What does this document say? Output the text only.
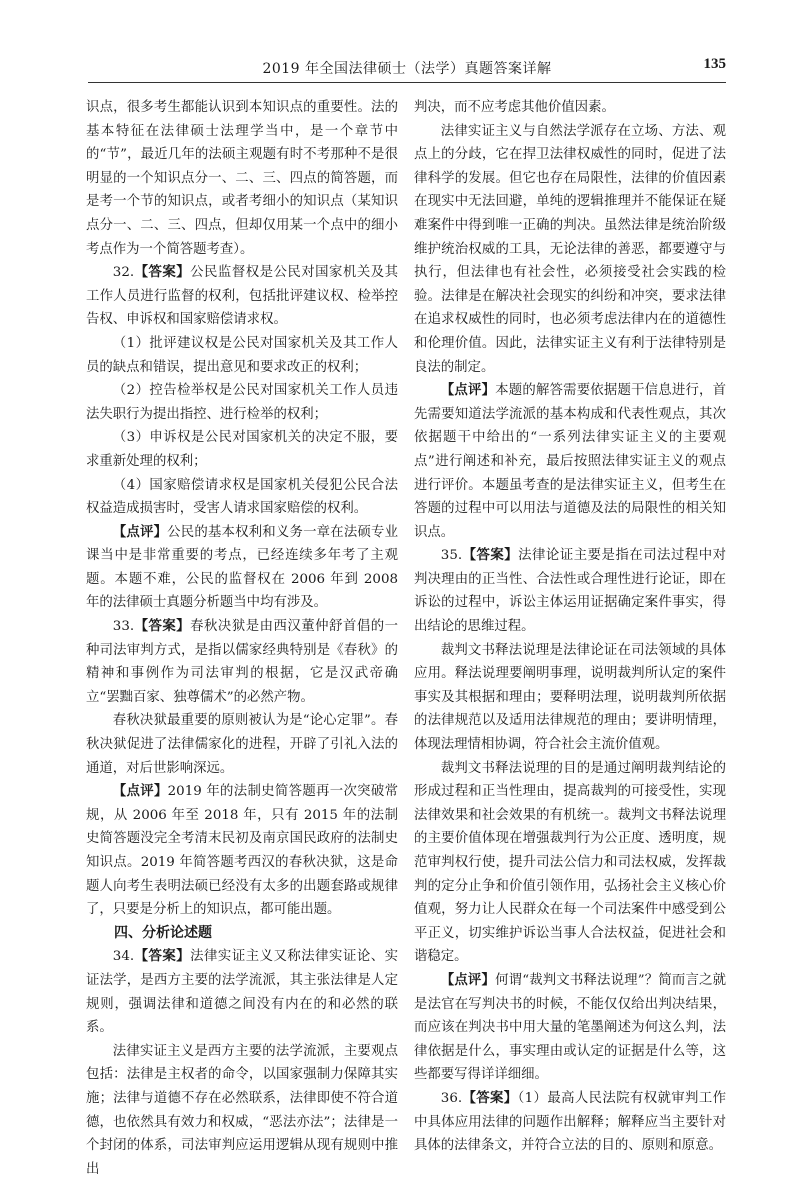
2019 年全国法律硕士（法学）真题答案详解	135

识点，很多考生都能认识到本知识点的重要性。法的基本特征在法律硕士法理学当中，是一个章节中的“节”，最近几年的法硕主观题有时不考那种不是很明显的一个知识点分一、二、三、四点的简答题，而是考一个节的知识点，或者考细小的知识点（某知识点分一、二、三、四点，但却仅用某一个点中的细小考点作为一个简答题考查）。

32.【答案】公民监督权是公民对国家机关及其工作人员进行监督的权利，包括批评建议权、检举控告权、申诉权和国家赔偿请求权。

（1）批评建议权是公民对国家机关及其工作人员的缺点和错误，提出意见和要求改正的权利；

（2）控告检举权是公民对国家机关工作人员违法失职行为提出指控、进行检举的权利；

（3）申诉权是公民对国家机关的决定不服，要求重新处理的权利；

（4）国家赔偿请求权是国家机关侵犯公民合法权益造成损害时，受害人请求国家赔偿的权利。

【点评】公民的基本权利和义务一章在法硕专业课当中是非常重要的考点，已经连续多年考了主观题。本题不难，公民的监督权在 2006 年到 2008 年的法律硕士真题分析题当中均有涉及。

33.【答案】春秋决狱是由西汉董仲舒首倡的一种司法审判方式，是指以儒家经典特别是《春秋》的精神和事例作为司法审判的根据，它是汉武帝确立“罢黜百家、独尊儒术”的必然产物。

春秋决狱最重要的原则被认为是“论心定罪”。春秋决狱促进了法律儒家化的进程，开辟了引礼入法的通道，对后世影响深远。

【点评】2019 年的法制史简答题再一次突破常规，从 2006 年至 2018 年，只有 2015 年的法制史简答题没完全考清末民初及南京国民政府的法制史知识点。2019 年简答题考西汉的春秋决狱，这是命题人向考生表明法硕已经没有太多的出题套路或规律了，只要是分析上的知识点，都可能出题。

四、分析论述题

34.【答案】法律实证主义又称法律实证论、实证法学，是西方主要的法学流派，其主张法律是人定规则，强调法律和道德之间没有内在的和必然的联系。

法律实证主义是西方主要的法学流派，主要观点包括：法律是主权者的命令，以国家强制力保障其实施；法律与道德不存在必然联系，法律即使不符合道德，也依然具有效力和权威，“恶法亦法”；法律是一个封闭的体系，司法审判应运用逻辑从现有规则中推出

判决，而不应考虑其他价值因素。

法律实证主义与自然法学派存在立场、方法、观点上的分歧，它在捍卫法律权威性的同时，促进了法律科学的发展。但它也存在局限性，法律的价值因素在现实中无法回避，单纯的逻辑推理并不能保证在疑难案件中得到唯一正确的判决。虽然法律是统治阶级维护统治权威的工具，无论法律的善恶，都要遵守与执行，但法律也有社会性，必须接受社会实践的检验。法律是在解决社会现实的纠纷和冲突，要求法律在追求权威性的同时，也必须考虑法律内在的道德性和伦理价值。因此，法律实证主义有利于法律特别是良法的制定。

【点评】本题的解答需要依据题干信息进行，首先需要知道法学流派的基本构成和代表性观点，其次依据题干中给出的“一系列法律实证主义的主要观点”进行阐述和补充，最后按照法律实证主义的观点进行评价。本题虽考查的是法律实证主义，但考生在答题的过程中可以用法与道德及法的局限性的相关知识点。

35.【答案】法律论证主要是指在司法过程中对判决理由的正当性、合法性或合理性进行论证，即在诉讼的过程中，诉讼主体运用证据确定案件事实，得出结论的思维过程。

裁判文书释法说理是法律论证在司法领域的具体应用。释法说理要阐明事理，说明裁判所认定的案件事实及其根据和理由；要释明法理，说明裁判所依据的法律规范以及适用法律规范的理由；要讲明情理，体现法理情相协调，符合社会主流价值观。

裁判文书释法说理的目的是通过阐明裁判结论的形成过程和正当性理由，提高裁判的可接受性，实现法律效果和社会效果的有机统一。裁判文书释法说理的主要价值体现在增强裁判行为公正度、透明度，规范审判权行使，提升司法公信力和司法权威，发挥裁判的定分止争和价值引领作用，弘扬社会主义核心价值观，努力让人民群众在每一个司法案件中感受到公平正义，切实维护诉讼当事人合法权益，促进社会和谐稳定。

【点评】何谓“裁判文书释法说理”？简而言之就是法官在写判决书的时候，不能仅仅给出判决结果，而应该在判决书中用大量的笔墨阐述为何这么判，法律依据是什么，事实理由或认定的证据是什么等，这些都要写得详详细细。

36.【答案】（1）最高人民法院有权就审判工作中具体应用法律的问题作出解释；解释应当主要针对具体的法律条文，并符合立法的目的、原则和原意。
